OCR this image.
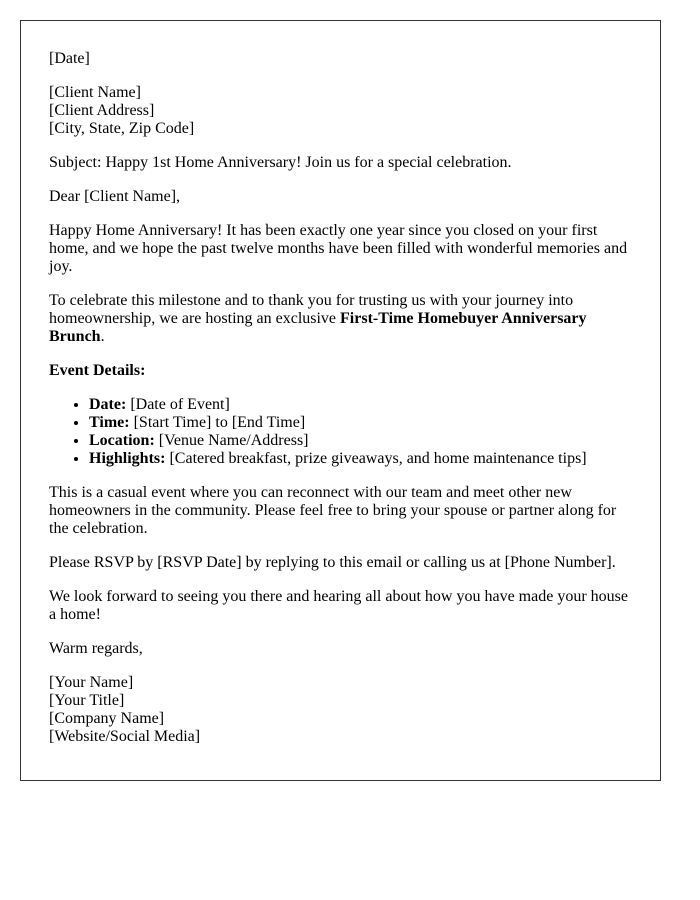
[Date]

[Client Name]
[Client Address]
[City, State, Zip Code]

Subject: Happy 1st Home Anniversary! Join us for a special celebration.

Dear [Client Name],

Happy Home Anniversary! It has been exactly one year since you closed on your first home, and we hope the past twelve months have been filled with wonderful memories and joy.

To celebrate this milestone and to thank you for trusting us with your journey into homeownership, we are hosting an exclusive First-Time Homebuyer Anniversary Brunch.

Event Details:

• Date: [Date of Event]
• Time: [Start Time] to [End Time]
• Location: [Venue Name/Address]
• Highlights: [Catered breakfast, prize giveaways, and home maintenance tips]

This is a casual event where you can reconnect with our team and meet other new homeowners in the community. Please feel free to bring your spouse or partner along for the celebration.

Please RSVP by [RSVP Date] by replying to this email or calling us at [Phone Number].

We look forward to seeing you there and hearing all about how you have made your house a home!

Warm regards,

[Your Name]
[Your Title]
[Company Name]
[Website/Social Media]
